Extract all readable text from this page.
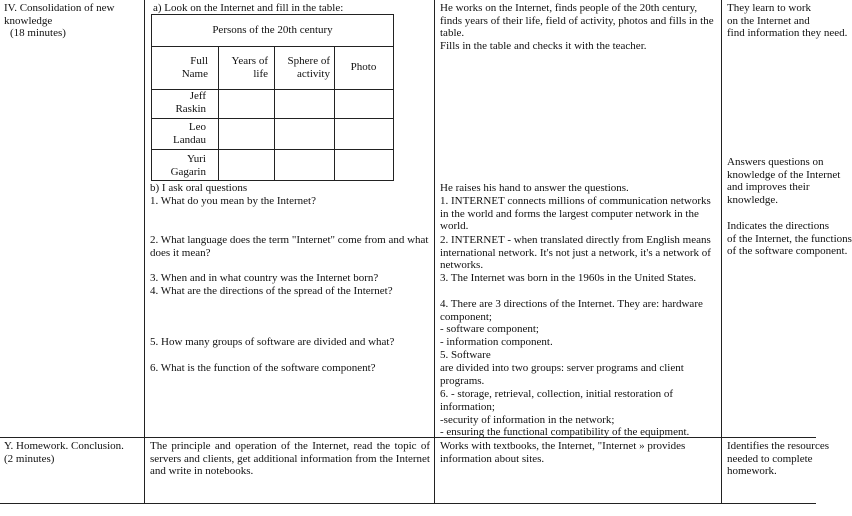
IV. Consolidation of new knowledge
(18 minutes)
Y. Homework. Conclusion.
(2 minutes)
a) Look on the Internet and fill in the table:
Persons of the 20th century
Full Name
Years of life
Sphere of activity
Photo
Jeff Raskin
Leo Landau
Yuri Gagarin
b) I ask oral questions
1. What do you mean by the Internet?
2. What language does the term "Internet" come from and what does it mean?
3. When and in what country was the Internet born?
4. What are the directions of the spread of the Internet?
5. How many groups of software are divided and what?
6. What is the function of the software component?
The principle and operation of the Internet, read the topic of servers and clients, get additional information from the Internet and write in notebooks.
He works on the Internet, finds people of the 20th century, finds years of their life, field of activity, photos and fills in the table.
Fills in the table and checks it with the teacher.
He raises his hand to answer the questions.
1. INTERNET connects millions of communication networks in the world and forms the largest computer network in the world.
2. INTERNET - when translated directly from English means international network. It's not just a network, it's a network of networks.
3. The Internet was born in the 1960s in the United States.
4. There are 3 directions of the Internet. They are: hardware component;
- software component;
- information component.
5. Software
are divided into two groups: server programs and client programs.
6. - storage, retrieval, collection, initial restoration of information;
-security of information in the network;
- ensuring the functional compatibility of the equipment.
Works with textbooks, the Internet, "Internet » provides information about sites.
They learn to work
on the Internet and
find information they need.
Answers questions on
knowledge of the Internet
and improves their
knowledge.
Indicates the directions
of the Internet, the functions
of the software component.
Identifies the resources
needed to complete
homework.
